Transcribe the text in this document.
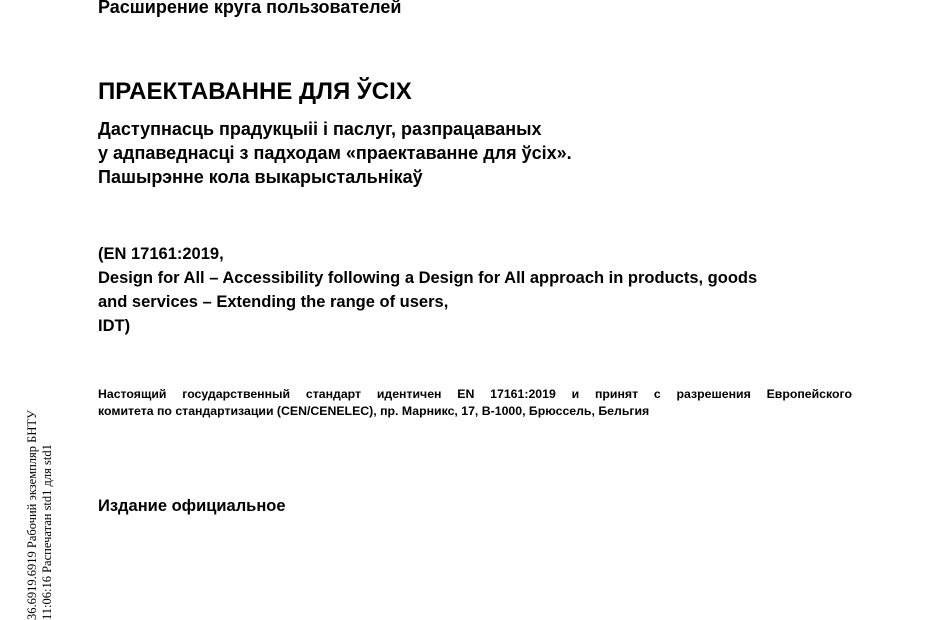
Расширение круга пользователей
ПРАЕКТАВАННЕ ДЛЯ ЎСІХ
Даступнасць прадукцыіі і паслуг, разпрацаваных
у адпаведнасці з падходам «праектаванне для ўсіх».
Пашырэнне кола выкарыстальнікаў
(EN 17161:2019,
Design for All – Accessibility following a Design for All approach in products, goods
and services – Extending the range of users,
IDT)
Настоящий государственный стандарт идентичен EN 17161:2019 и принят с разрешения Европейского
комитета по стандартизации (CEN/CENELEC), пр. Марникс, 17, В-1000, Брюссель, Бельгия
Издание официальное
36.6919.6919 Рабочий экземпляр БНТУ 11:06:16 Распечатан std1 для std1
